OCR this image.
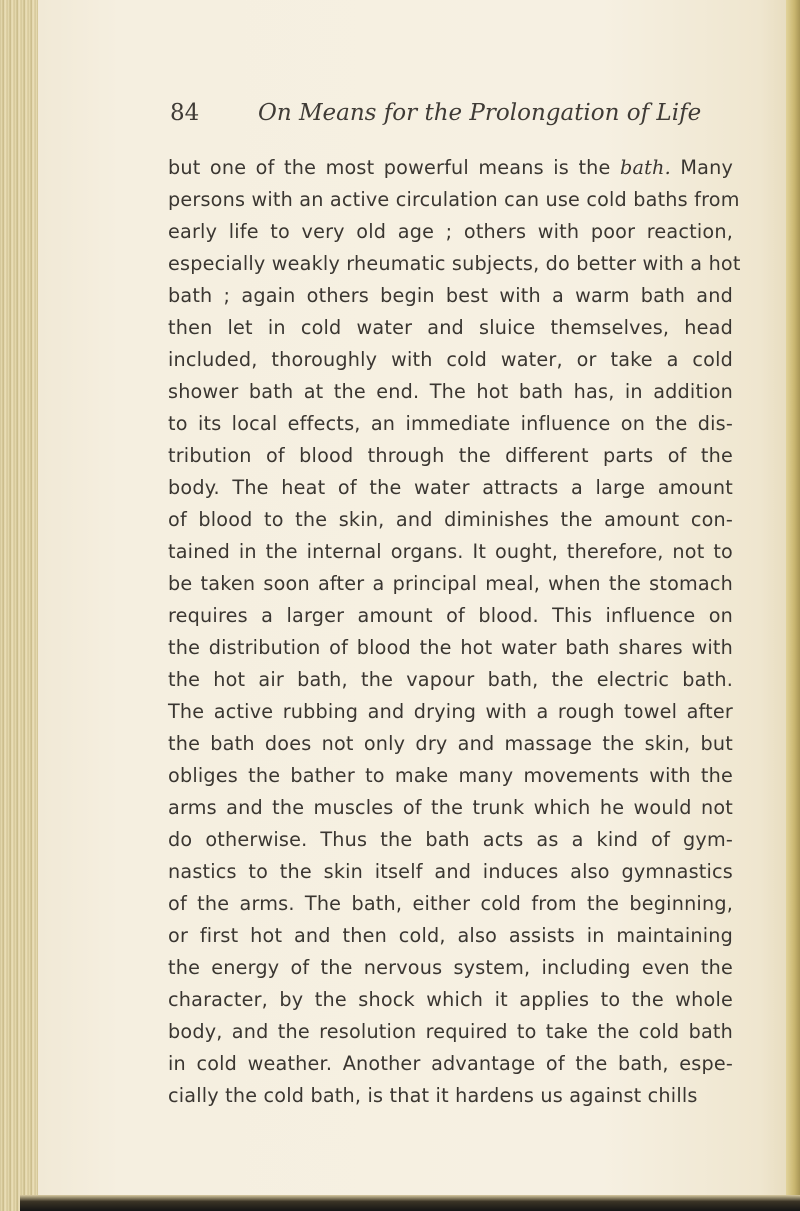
84	On Means for the Prolongation of Life
but one of the most powerful means is the bath. Many
persons with an active circulation can use cold baths from
early life to very old age ; others with poor reaction,
especially weakly rheumatic subjects, do better with a hot
bath ; again others begin best with a warm bath and
then let in cold water and sluice themselves, head
included, thoroughly with cold water, or take a cold
shower bath at the end. The hot bath has, in addition
to its local effects, an immediate influence on the dis-
tribution of blood through the different parts of the
body. The heat of the water attracts a large amount
of blood to the skin, and diminishes the amount con-
tained in the internal organs. It ought, therefore, not to
be taken soon after a principal meal, when the stomach
requires a larger amount of blood. This influence on
the distribution of blood the hot water bath shares with
the hot air bath, the vapour bath, the electric bath.
The active rubbing and drying with a rough towel after
the bath does not only dry and massage the skin, but
obliges the bather to make many movements with the
arms and the muscles of the trunk which he would not
do otherwise. Thus the bath acts as a kind of gym-
nastics to the skin itself and induces also gymnastics
of the arms. The bath, either cold from the beginning,
or first hot and then cold, also assists in maintaining
the energy of the nervous system, including even the
character, by the shock which it applies to the whole
body, and the resolution required to take the cold bath
in cold weather. Another advantage of the bath, espe-
cially the cold bath, is that it hardens us against chills
